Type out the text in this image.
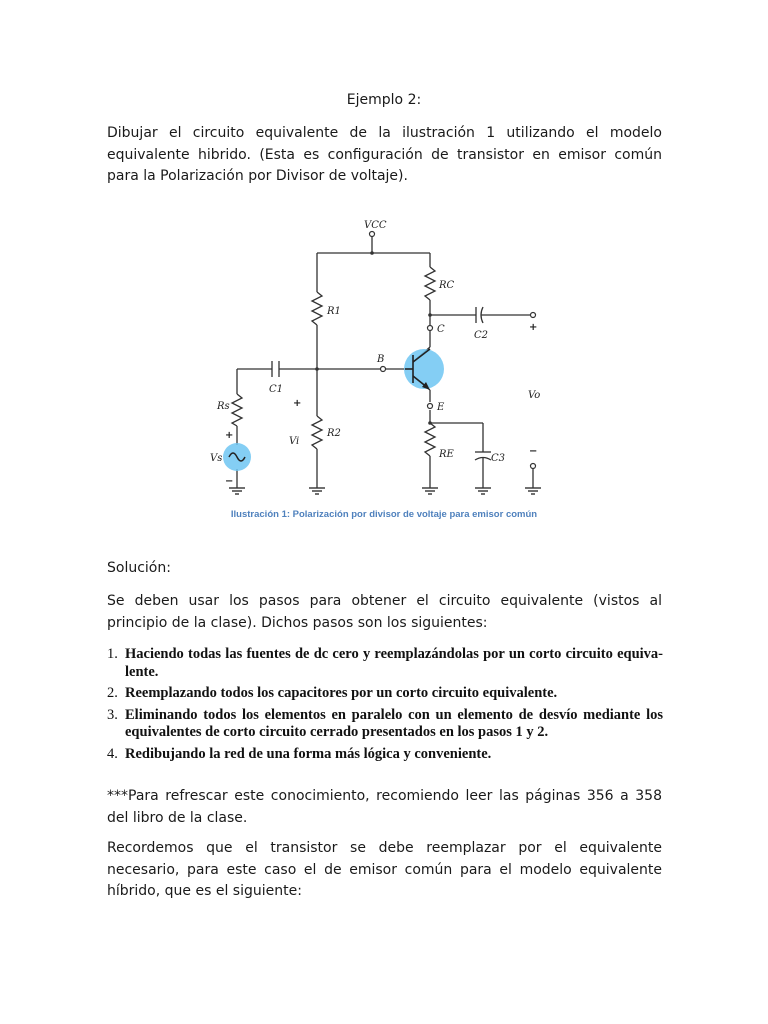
Ejemplo 2:

Dibujar el circuito equivalente de la ilustración 1 utilizando el modelo equivalente hibrido. (Esta es configuración de transistor en emisor común para la Polarización por Divisor de voltaje).

VCC
R1
R2
RC
RE
Rs
C1
C2
C3
B
C
E
Vi
Vs
Vo
+
+
+
−
−
Ilustración 1: Polarización por divisor de voltaje para emisor común

Solución:

Se deben usar los pasos para obtener el circuito equivalente (vistos al principio de la clase). Dichos pasos son los siguientes:

1. Haciendo todas las fuentes de dc cero y reemplazándolas por un corto circuito equiva-lente.
2. Reemplazando todos los capacitores por un corto circuito equivalente.
3. Eliminando todos los elementos en paralelo con un elemento de desvío mediante los equivalentes de corto circuito cerrado presentados en los pasos 1 y 2.
4. Redibujando la red de una forma más lógica y conveniente.

***Para refrescar este conocimiento, recomiendo leer las páginas 356 a 358 del libro de la clase.

Recordemos que el transistor se debe reemplazar por el equivalente necesario, para este caso el de emisor común para el modelo equivalente híbrido, que es el siguiente:
